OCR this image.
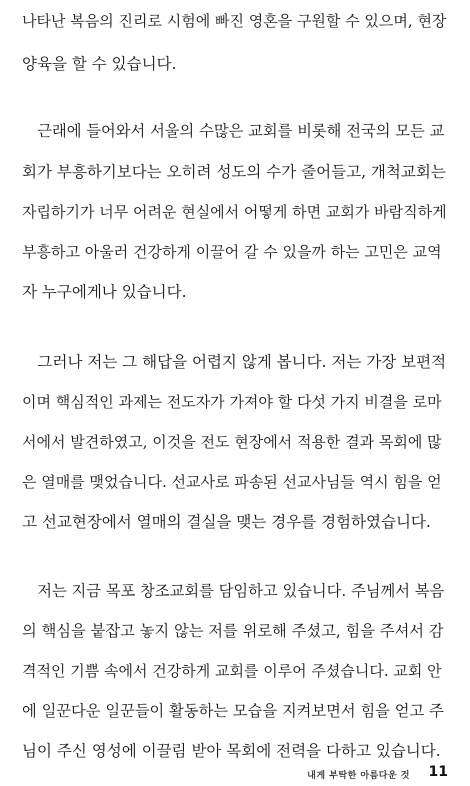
나타난 복음의 진리로 시험에 빠진 영혼을 구원할 수 있으며, 현장
양육을 할 수 있습니다.
　근래에 들어와서 서울의 수많은 교회를 비롯해 전국의 모든 교
회가 부흥하기보다는 오히려 성도의 수가 줄어들고, 개척교회는
자립하기가 너무 어려운 현실에서 어떻게 하면 교회가 바람직하게
부흥하고 아울러 건강하게 이끌어 갈 수 있을까 하는 고민은 교역
자 누구에게나 있습니다.
　그러나 저는 그 해답을 어렵지 않게 봅니다. 저는 가장 보편적
이며 핵심적인 과제는 전도자가 가져야 할 다섯 가지 비결을 로마
서에서 발견하였고, 이것을 전도 현장에서 적용한 결과 목회에 많
은 열매를 맺었습니다. 선교사로 파송된 선교사님들 역시 힘을 얻
고 선교현장에서 열매의 결실을 맺는 경우를 경험하였습니다.
　저는 지금 목포 창조교회를 담임하고 있습니다. 주님께서 복음
의 핵심을 붙잡고 놓지 않는 저를 위로해 주셨고, 힘을 주셔서 감
격적인 기쁨 속에서 건강하게 교회를 이루어 주셨습니다. 교회 안
에 일꾼다운 일꾼들이 활동하는 모습을 지켜보면서 힘을 얻고 주
님이 주신 영성에 이끌림 받아 목회에 전력을 다하고 있습니다.
내게 부탁한 아름다운 것 11
